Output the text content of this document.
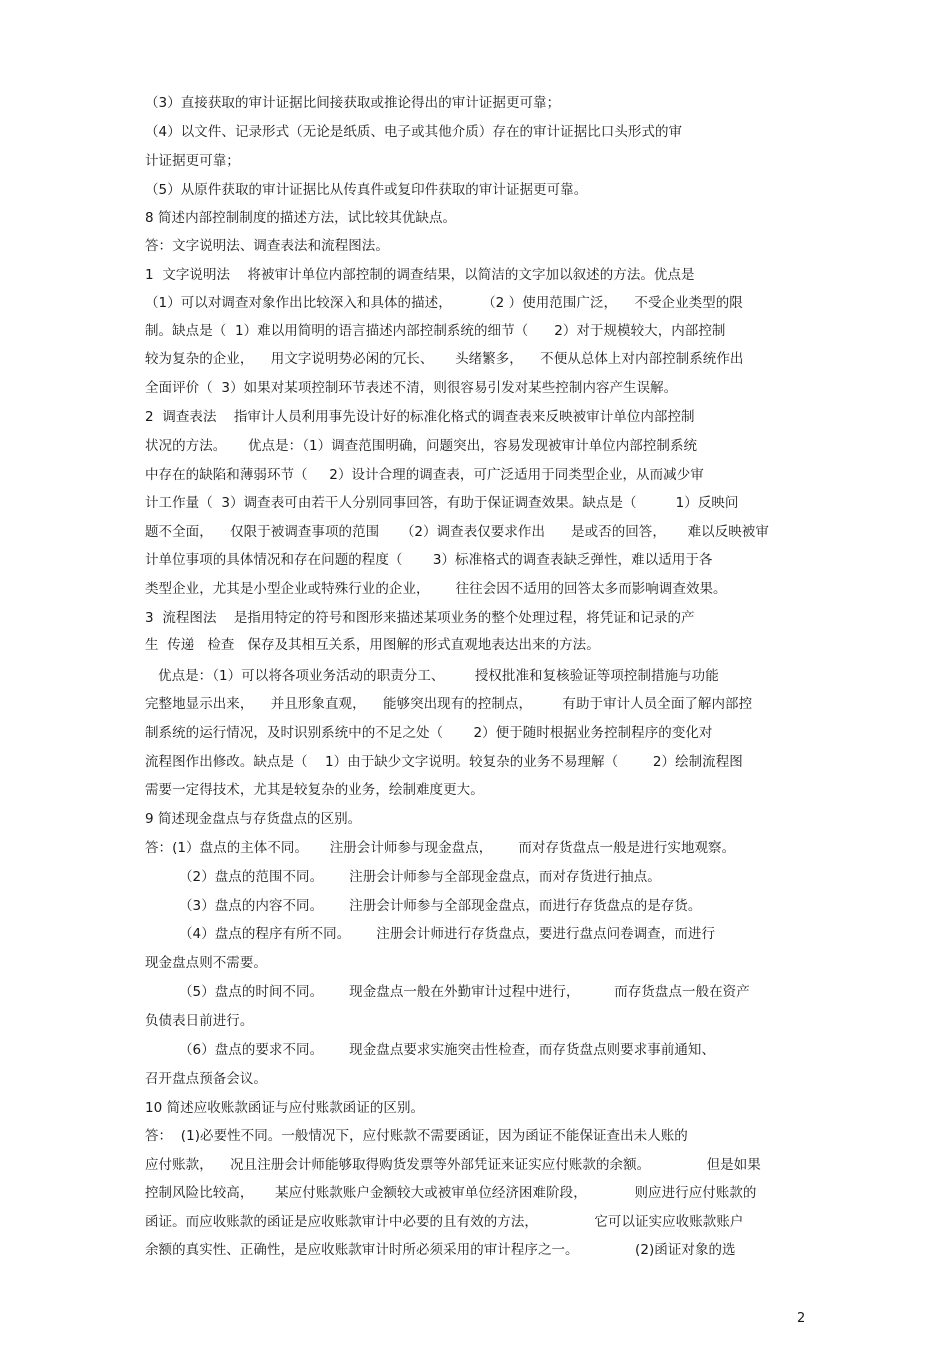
（3）直接获取的审计证据比间接获取或推论得出的审计证据更可靠；
（4）以文件、记录形式（无论是纸质、电子或其他介质）存在的审计证据比口头形式的审
计证据更可靠；
（5）从原件获取的审计证据比从传真件或复印件获取的审计证据更可靠。
8 简述内部控制制度的描述方法，试比较其优缺点。
答：文字说明法、调查表法和流程图法。
1  文字说明法    将被审计单位内部控制的调查结果，以简洁的文字加以叙述的方法。优点是
（1）可以对调查对象作出比较深入和具体的描述，       （2 ）使用范围广泛，    不受企业类型的限
制。缺点是（  1）难以用简明的语言描述内部控制系统的细节（      2）对于规模较大，内部控制
较为复杂的企业，    用文字说明势必闲的冗长、     头绪繁多，    不便从总体上对内部控制系统作出
全面评价（  3）如果对某项控制环节表述不清，则很容易引发对某些控制内容产生误解。
2  调查表法    指审计人员利用事先设计好的标准化格式的调查表来反映被审计单位内部控制
状况的方法。     优点是：（1）调查范围明确，问题突出，容易发现被审计单位内部控制系统
中存在的缺陷和薄弱环节（     2）设计合理的调查表，可广泛适用于同类型企业，从而减少审
计工作量（  3）调查表可由若干人分别同事回答，有助于保证调查效果。缺点是（         1）反映问
题不全面，    仅限于被调查事项的范围     （2）调查表仅要求作出      是或否的回答，     难以反映被审
计单位事项的具体情况和存在问题的程度（       3）标准格式的调查表缺乏弹性，难以适用于各
类型企业，尤其是小型企业或特殊行业的企业，      往往会因不适用的回答太多而影响调查效果。
3  流程图法    是指用特定的符号和图形来描述某项业务的整个处理过程，将凭证和记录的产
生  传递   检查   保存及其相互关系，用图解的形式直观地表达出来的方法。
优点是：（1）可以将各项业务活动的职责分工、       授权批准和复核验证等项控制措施与功能
完整地显示出来，    并且形象直观，    能够突出现有的控制点，       有助于审计人员全面了解内部控
制系统的运行情况，及时识别系统中的不足之处（       2）便于随时根据业务控制程序的变化对
流程图作出修改。缺点是（    1）由于缺少文字说明。较复杂的业务不易理解（        2）绘制流程图
需要一定得技术，尤其是较复杂的业务，绘制难度更大。
9 简述现金盘点与存货盘点的区别。
答：(1）盘点的主体不同。     注册会计师参与现金盘点，      而对存货盘点一般是进行实地观察。
（2）盘点的范围不同。      注册会计师参与全部现金盘点，而对存货进行抽点。
（3）盘点的内容不同。      注册会计师参与全部现金盘点，而进行存货盘点的是存货。
（4）盘点的程序有所不同。      注册会计师进行存货盘点，要进行盘点问卷调查，而进行
现金盘点则不需要。
（5）盘点的时间不同。      现金盘点一般在外勤审计过程中进行，        而存货盘点一般在资产
负债表日前进行。
（6）盘点的要求不同。      现金盘点要求实施突击性检查，而存货盘点则要求事前通知、
召开盘点预备会议。
10 简述应收账款函证与应付账款函证的区别。
答：  (1)必要性不同。一般情况下，应付账款不需要函证，因为函证不能保证查出未人账的
应付账款，    况且注册会计师能够取得购货发票等外部凭证来证实应付账款的余额。             但是如果
控制风险比较高，     某应付账款账户金额较大或被审单位经济困难阶段，           则应进行应付账款的
函证。而应收账款的函证是应收账款审计中必要的且有效的方法，             它可以证实应收账款账户
余额的真实性、正确性，是应收账款审计时所必须采用的审计程序之一。             (2)函证对象的选
2
